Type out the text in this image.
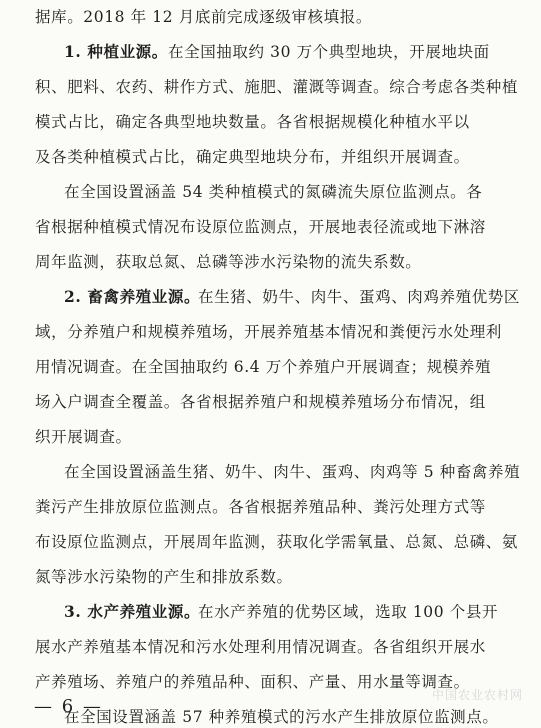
据库。2018 年 12 月底前完成逐级审核填报。
1. 种植业源。 在全国抽取约 30 万个典型地块，开展地块面
积、肥料、农药、耕作方式、施肥、灌溉等调查。综合考虑各类种植
模式占比，确定各典型地块数量。各省根据规模化种植水平以
及各类种植模式占比，确定典型地块分布，并组织开展调查。
在全国设置涵盖 54 类种植模式的氮磷流失原位监测点。各
省根据种植模式情况布设原位监测点，开展地表径流或地下淋溶
周年监测，获取总氮、总磷等涉水污染物的流失系数。
2. 畜禽养殖业源。
在生猪、奶牛、肉牛、蛋鸡、肉鸡养殖优势区
域，分养殖户和规模养殖场，开展养殖基本情况和粪便污水处理利
用情况调查。在全国抽取约 6.4 万个养殖户开展调查；规模养殖
场入户调查全覆盖。各省根据养殖户和规模养殖场分布情况，组
织开展调查。
在全国设置涵盖生猪、奶牛、肉牛、蛋鸡、肉鸡等 5 种畜禽养殖
粪污产生排放原位监测点。各省根据养殖品种、粪污处理方式等
布设原位监测点，开展周年监测，获取化学需氧量、总氮、总磷、氨
氮等涉水污染物的产生和排放系数。
3. 水产养殖业源。
在水产养殖的优势区域，选取 100 个县开
展水产养殖基本情况和污水处理利用情况调查。各省组织开展水
产养殖场、养殖户的养殖品种、面积、产量、用水量等调查。
在全国设置涵盖 57 种养殖模式的污水产生排放原位监测点。
— 6 —
中国农业农村网
